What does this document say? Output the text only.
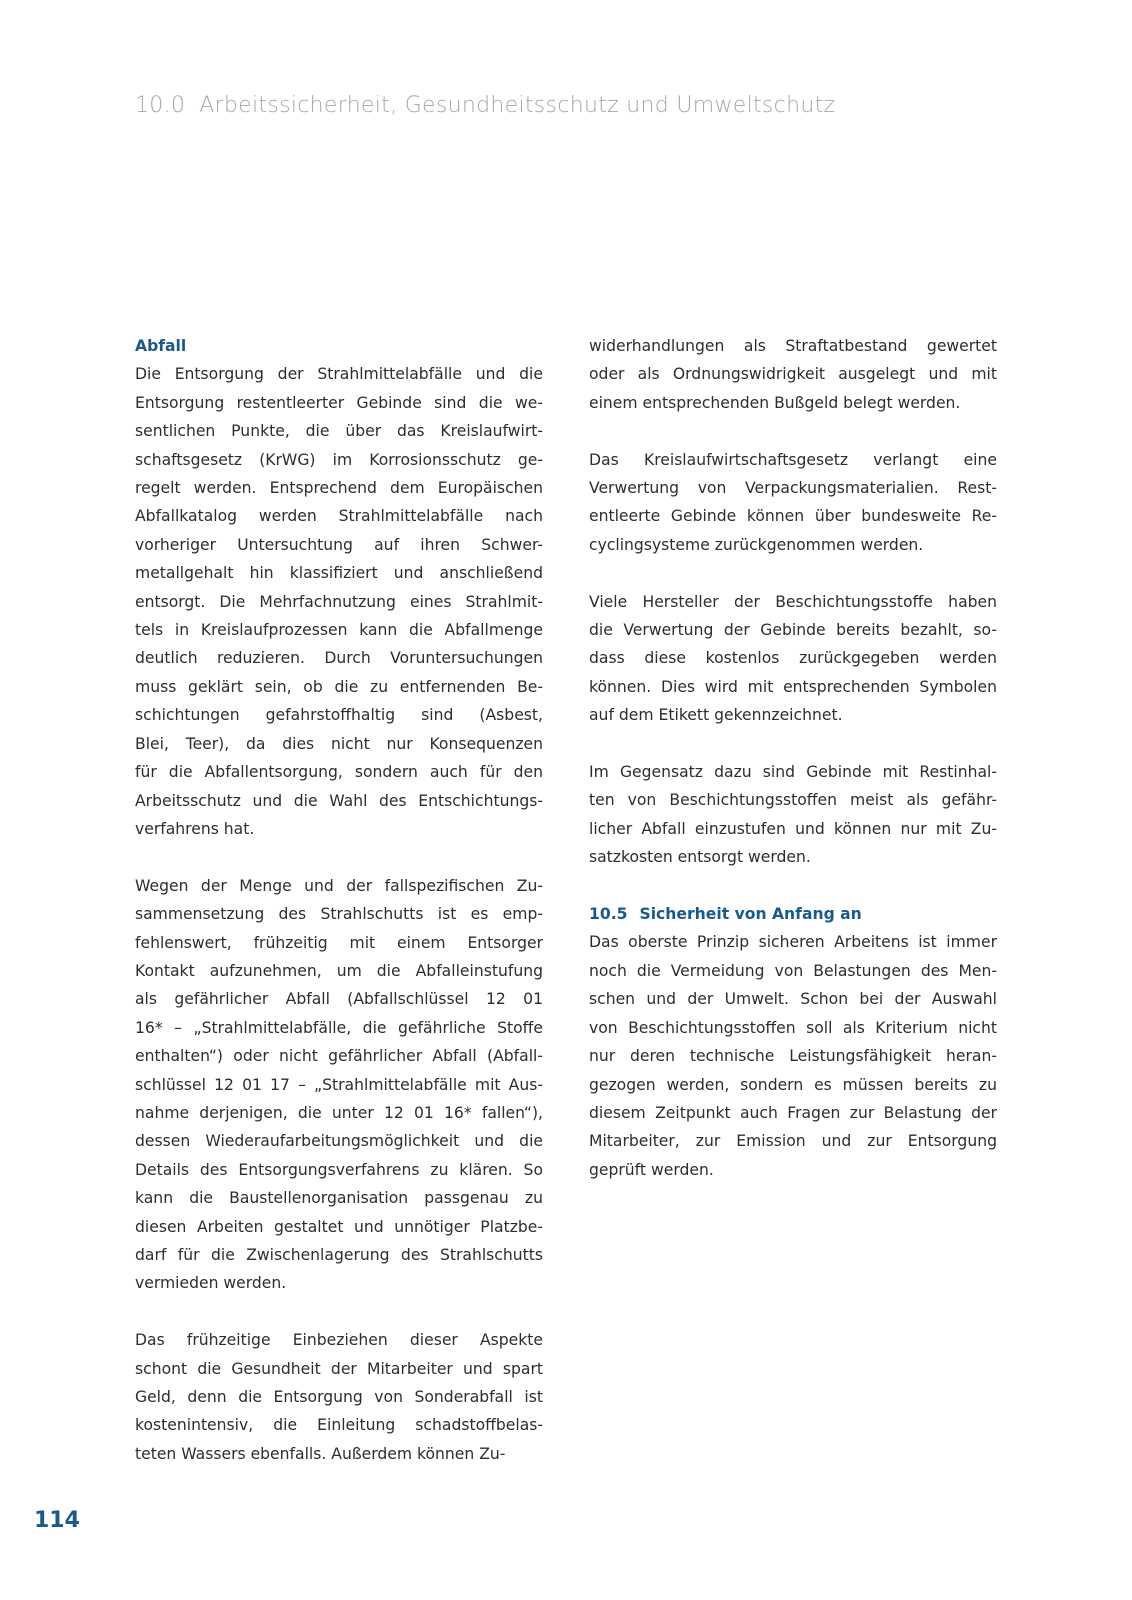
10.0 Arbeitssicherheit, Gesundheitsschutz und Umweltschutz
Abfall
Die Entsorgung der Strahlmittelabfälle und die
Entsorgung restentleerter Gebinde sind die we-
sentlichen Punkte, die über das Kreislaufwirt-
schaftsgesetz (KrWG) im Korrosionsschutz ge-
regelt werden. Entsprechend dem Europäischen
Abfallkatalog werden Strahlmittelabfälle nach
vorheriger Untersuchtung auf ihren Schwer-
metallgehalt hin klassifiziert und anschließend
entsorgt. Die Mehrfachnutzung eines Strahlmit-
tels in Kreislaufprozessen kann die Abfallmenge
deutlich reduzieren. Durch Voruntersuchungen
muss geklärt sein, ob die zu entfernenden Be-
schichtungen gefahrstoffhaltig sind (Asbest,
Blei, Teer), da dies nicht nur Konsequenzen
für die Abfallentsorgung, sondern auch für den
Arbeitsschutz und die Wahl des Entschichtungs-
verfahrens hat.
Wegen der Menge und der fallspezifischen Zu-
sammensetzung des Strahlschutts ist es emp-
fehlenswert, frühzeitig mit einem Entsorger
Kontakt aufzunehmen, um die Abfalleinstufung
als gefährlicher Abfall (Abfallschlüssel 12 01
16* – „Strahlmittelabfälle, die gefährliche Stoffe
enthalten“) oder nicht gefährlicher Abfall (Abfall-
schlüssel 12 01 17 – „Strahlmittelabfälle mit Aus-
nahme derjenigen, die unter 12 01 16* fallen“),
dessen Wiederaufarbeitungsmöglichkeit und die
Details des Entsorgungsverfahrens zu klären. So
kann die Baustellenorganisation passgenau zu
diesen Arbeiten gestaltet und unnötiger Platzbe-
darf für die Zwischenlagerung des Strahlschutts
vermieden werden.
Das frühzeitige Einbeziehen dieser Aspekte
schont die Gesundheit der Mitarbeiter und spart
Geld, denn die Entsorgung von Sonderabfall ist
kostenintensiv, die Einleitung schadstoffbelas-
teten Wassers ebenfalls. Außerdem können Zu-
widerhandlungen als Straftatbestand gewertet
oder als Ordnungswidrigkeit ausgelegt und mit
einem entsprechenden Bußgeld belegt werden.
Das Kreislaufwirtschaftsgesetz verlangt eine
Verwertung von Verpackungsmaterialien. Rest-
entleerte Gebinde können über bundesweite Re-
cyclingsysteme zurückgenommen werden.
Viele Hersteller der Beschichtungsstoffe haben
die Verwertung der Gebinde bereits bezahlt, so-
dass diese kostenlos zurückgegeben werden
können. Dies wird mit entsprechenden Symbolen
auf dem Etikett gekennzeichnet.
Im Gegensatz dazu sind Gebinde mit Restinhal-
ten von Beschichtungsstoffen meist als gefähr-
licher Abfall einzustufen und können nur mit Zu-
satzkosten entsorgt werden.
10.5 Sicherheit von Anfang an
Das oberste Prinzip sicheren Arbeitens ist immer
noch die Vermeidung von Belastungen des Men-
schen und der Umwelt. Schon bei der Auswahl
von Beschichtungsstoffen soll als Kriterium nicht
nur deren technische Leistungsfähigkeit heran-
gezogen werden, sondern es müssen bereits zu
diesem Zeitpunkt auch Fragen zur Belastung der
Mitarbeiter, zur Emission und zur Entsorgung
geprüft werden.
114
